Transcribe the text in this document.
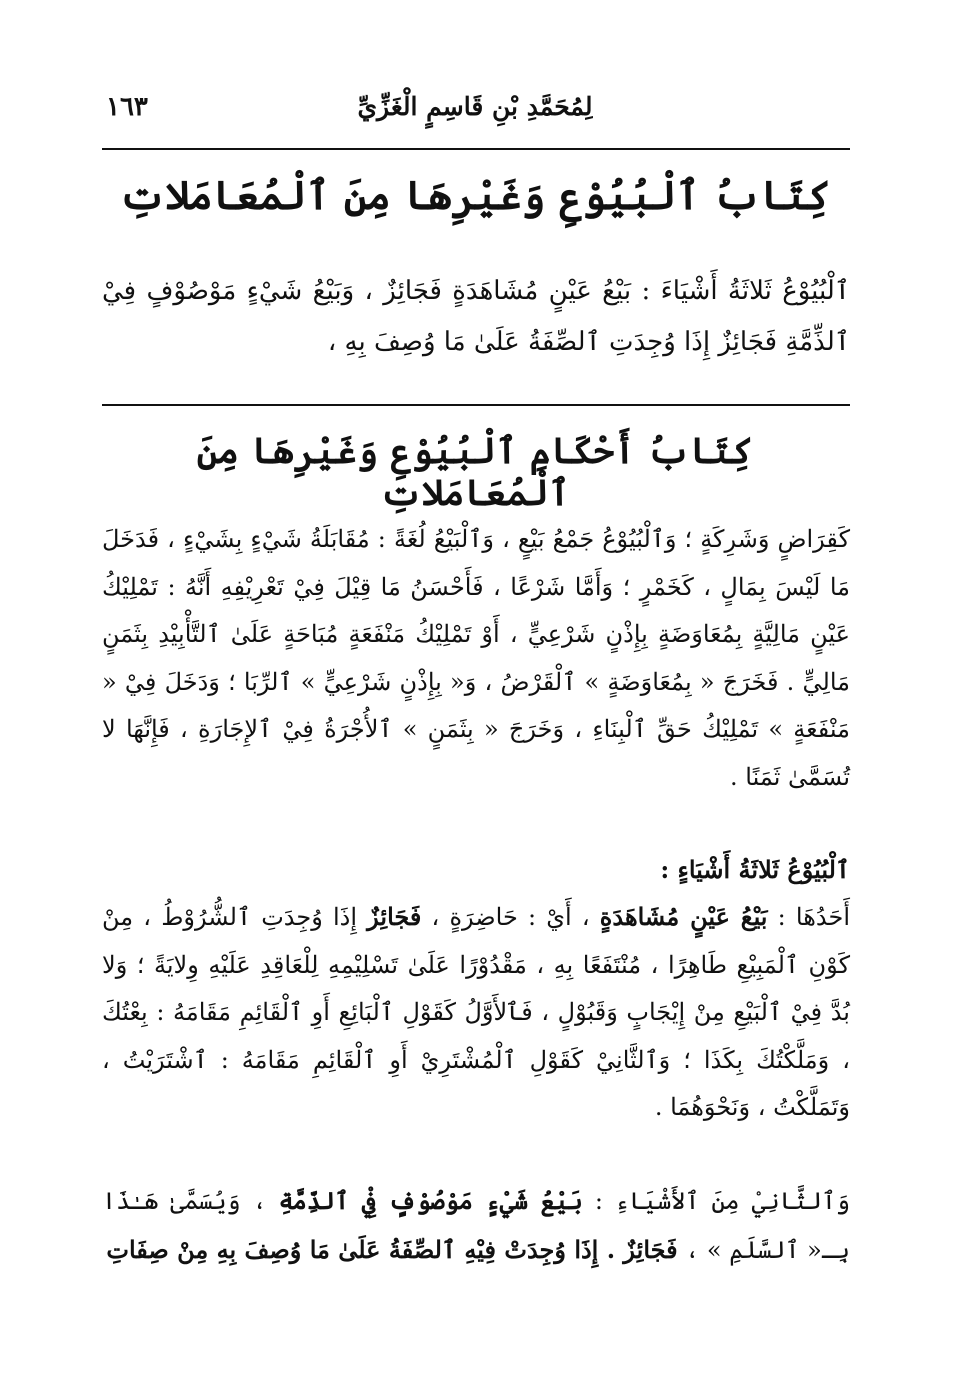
لِمُحَمَّدِ بْنِ قَاسِمٍ الْغَزِّيِّ
١٦٣
كِتَابُ ٱلْبُيُوْعِ وَغَيْرِهَا مِنَ ٱلْمُعَامَلاتِ

ٱلْبُيُوْعُ ثَلاثَةُ أَشْيَاءَ : بَيْعُ عَيْنٍ مُشَاهَدَةٍ فَجَائِزٌ ، وَبَيْعُ شَيْءٍ مَوْصُوْفٍ فِيْ ٱلذِّمَّةِ فَجَائِزٌ إِذَا وُجِدَتِ ٱلصِّفَةُ عَلَىٰ مَا وُصِفَ بِهِ ،

كِتَابُ أَحْكَامِ ٱلْبُيُوْعِ وَغَيْرِهَا مِنَ ٱلْمُعَامَلاتِ

كَقِرَاضٍ وَشَرِكَةٍ ؛ وَٱلْبُيُوْعُ جَمْعُ بَيْعٍ ، وَٱلْبَيْعُ لُغَةً : مُقَابَلَةُ شَيْءٍ بِشَيْءٍ ، فَدَخَلَ مَا لَيْسَ بِمَالٍ ، كَخَمْرٍ ؛ وَأَمَّا شَرْعًا ، فَأَحْسَنُ مَا قِيْلَ فِيْ تَعْرِيْفِهِ أَنَّهُ : تَمْلِيْكُ عَيْنٍ مَالِيَّةٍ بِمُعَاوَضَةٍ بِإِذْنٍ شَرْعِيٍّ ، أَوْ تَمْلِيْكُ مَنْفَعَةٍ مُبَاحَةٍ عَلَىٰ ٱلتَّأْبِيْدِ بِثَمَنٍ مَالِيٍّ . فَخَرَجَ « بِمُعَاوَضَةٍ » ٱلْقَرْضُ ، وَ« بِإِذْنٍ شَرْعِيٍّ » ٱلرِّبَا ؛ وَدَخَلَ فِيْ « مَنْفَعَةٍ » تَمْلِيْكُ حَقِّ ٱلْبِنَاءِ ، وَخَرَجَ « بِثَمَنٍ » ٱلأُجْرَةُ فِيْ ٱلإِجَارَةِ ، فَإِنَّهَا لا تُسَمَّىٰ ثَمَنًا .

ٱلْبُيُوْعُ ثَلاثَةُ أَشْيَاءٍ :

أَحَدُهَا : بَيْعُ عَيْنٍ مُشَاهَدَةٍ ، أَيْ : حَاضِرَةٍ ، فَجَائِزٌ إِذَا وُجِدَتِ ٱلشُّرُوْطُ ، مِنْ كَوْنِ ٱلْمَبِيْعِ طَاهِرًا ، مُنْتَفَعًا بِهِ ، مَقْدُوْرًا عَلَىٰ تَسْلِيْمِهِ لِلْعَاقِدِ عَلَيْهِ وِلايَةً ؛ وَلا بُدَّ فِيْ ٱلْبَيْعِ مِنْ إِيْجَابٍ وَقَبُوْلٍ ، فَٱلأَوَّلُ كَقَوْلِ ٱلْبَائِعِ أَوِ ٱلْقَائِمِ مَقَامَهُ : بِعْتُكَ ، وَمَلَّكْتُكَ بِكَذَا ؛ وَٱلثَّانِيْ كَقَوْلِ ٱلْمُشْتَرِيْ أَوِ ٱلْقَائِمِ مَقَامَهُ : ٱشْتَرَيْتُ ، وَتَمَلَّكْتُ ، وَنَحْوَهُمَا .

وَٱلثَّانِيْ مِنَ ٱلأَشْيَاءِ : بَيْعُ شَيْءٍ مَوْصُوْفٍ فِيْ ٱلذِّمَّةِ ، وَيُسَمَّىٰ هَـٰذَا بِـ« ٱلسَّلَمِ » ، فَجَائِزٌ . إِذَا وُجِدَتْ فِيْهِ ٱلصِّفَةُ عَلَىٰ مَا وُصِفَ بِهِ مِنْ صِفَاتِ
